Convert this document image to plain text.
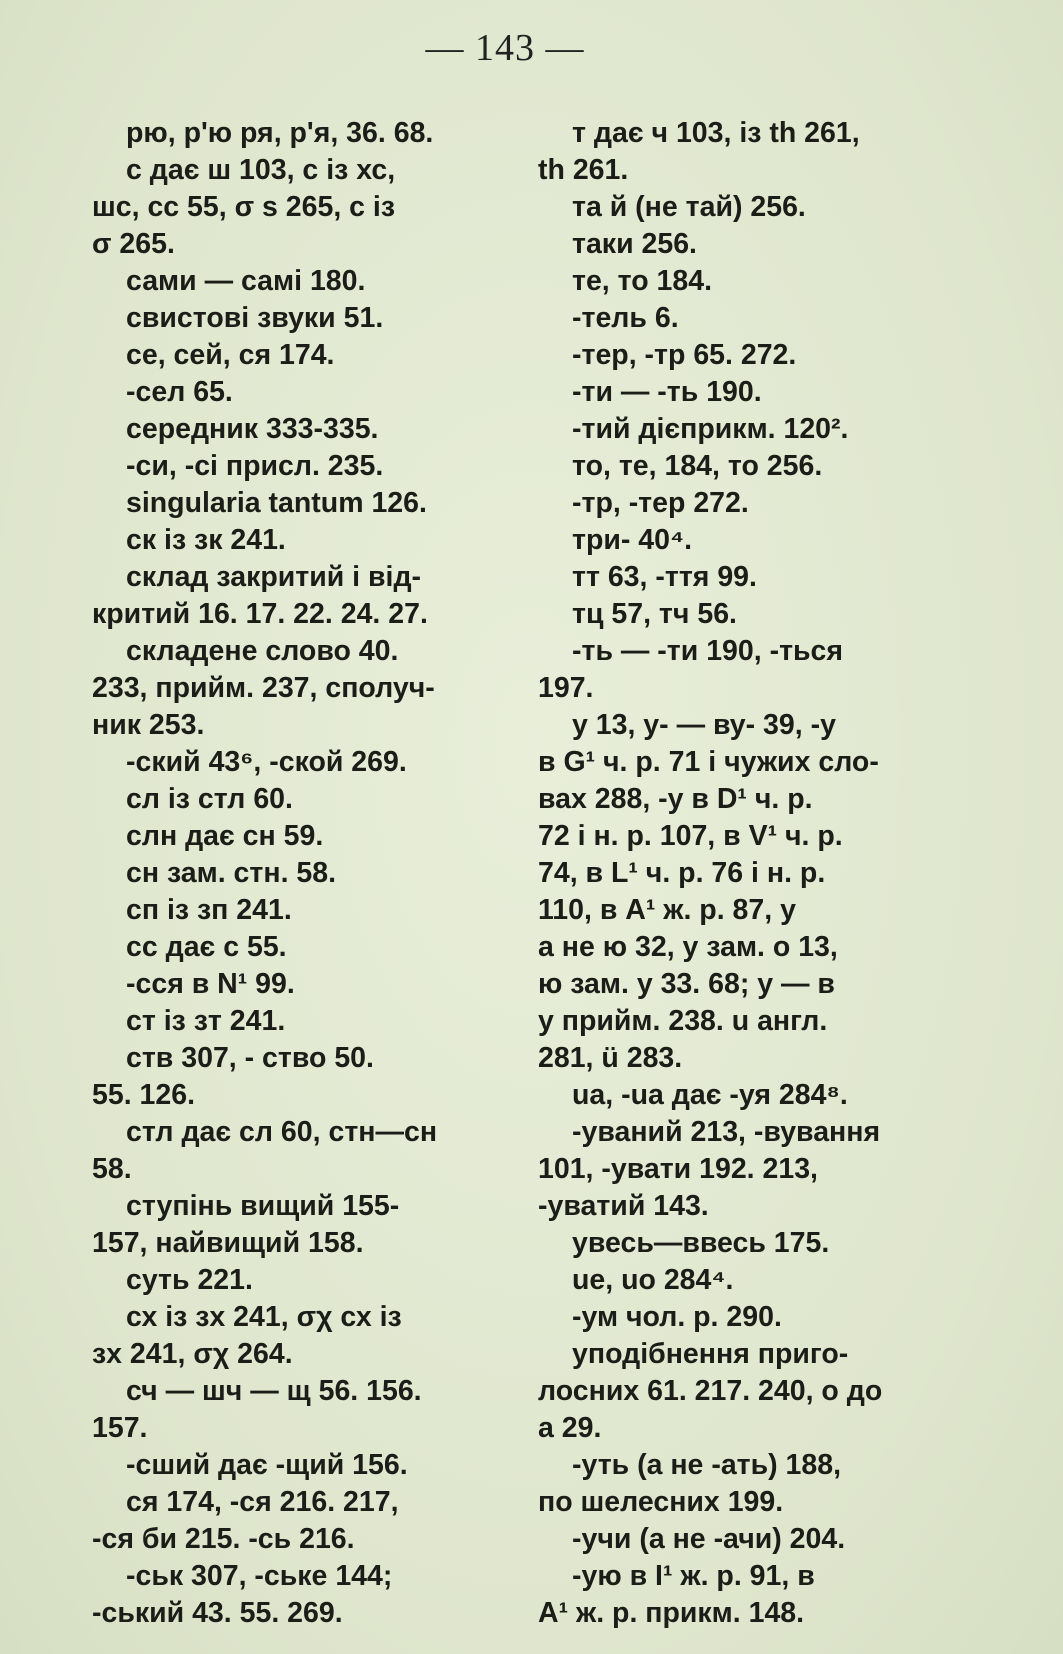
— 143 —
рю, р'ю ря, р'я, 36. 68.
с дає ш 103, с із хс,
шс, сс 55, σ s 265, с із
σ 265.
сами — самі 180.
свистові звуки 51.
се, сей, ся 174.
-сел 65.
середник 333-335.
-си, -сі присл. 235.
singularia tantum 126.
ск із зк 241.
склад закритий і від-
критий 16. 17. 22. 24. 27.
складене слово 40.
233, прийм. 237, сполуч-
ник 253.
-ский 43⁶, -ской 269.
сл із стл 60.
слн дає сн 59.
сн зам. стн. 58.
сп із зп 241.
сс дає с 55.
-сся в N¹ 99.
ст із зт 241.
ств 307, - ство 50.
55. 126.
стл дає сл 60, стн—сн
58.
ступінь вищий 155-
157, найвищий 158.
суть 221.
сх із зх 241, σχ сх із
зх 241, σχ 264.
сч — шч — щ 56. 156.
157.
-сший дає -щий 156.
ся 174, -ся 216. 217,
-ся би 215. -сь 216.
-ськ 307, -ське 144;
-ський 43. 55. 269.
т дає ч 103, із th 261,
th 261.
та й (не тай) 256.
таки 256.
те, то 184.
-тель 6.
-тер, -тр 65. 272.
-ти — -ть 190.
-тий дієприкм. 120².
то, те, 184, то 256.
-тр, -тер 272.
три- 40⁴.
тт 63, -ття 99.
тц 57, тч 56.
-ть — -ти 190, -ться
197.
у 13, у- — ву- 39, -у
в G¹ ч. р. 71 і чужих сло-
вах 288, -у в D¹ ч. р.
72 і н. р. 107, в V¹ ч. р.
74, в L¹ ч. р. 76 і н. р.
110, в A¹ ж. р. 87, у
а не ю 32, у зам. о 13,
ю зам. у 33. 68; у — в
у прийм. 238. u англ.
281, ü 283.
ua, -ua дає -уя 284⁸.
-уваний 213, -вування
101, -увати 192. 213,
-уватий 143.
увесь—ввесь 175.
ue, uo 284⁴.
-ум чол. р. 290.
уподібнення приго-
лосних 61. 217. 240, о до
а 29.
-уть (а не -ать) 188,
по шелесних 199.
-учи (а не -ачи) 204.
-ую в I¹ ж. р. 91, в
A¹ ж. р. прикм. 148.
